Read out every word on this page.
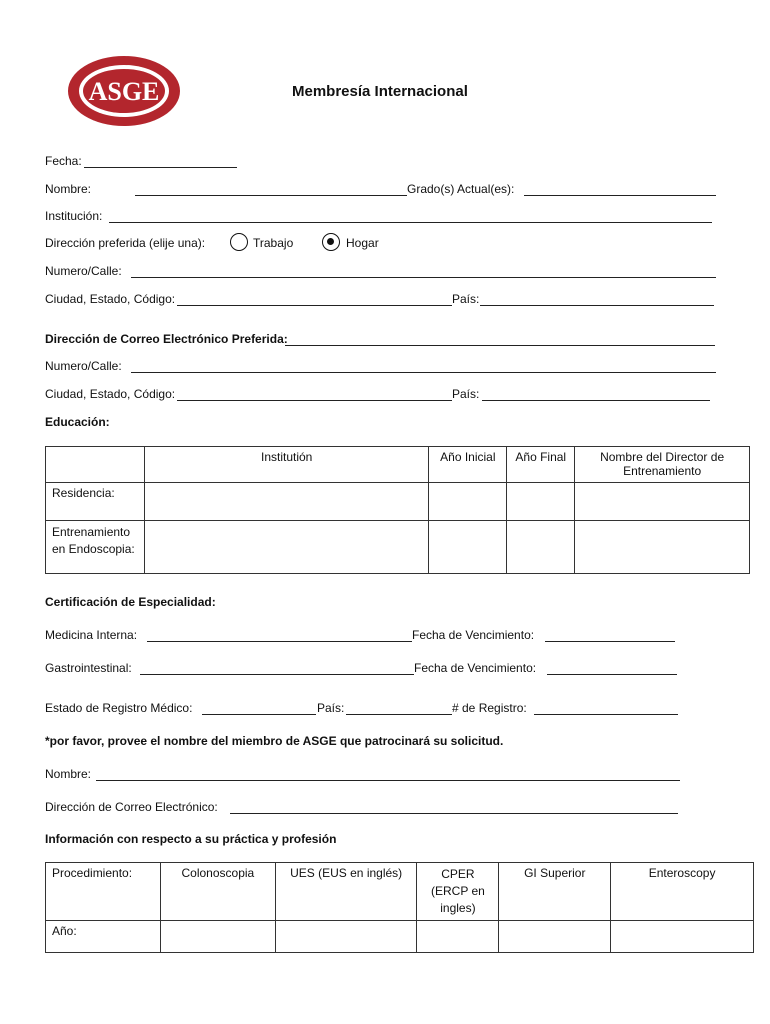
ASGE	Membresía Internacional
Fecha:
Nombre:	Grado(s) Actual(es):
Institución:
Dirección preferida (elije una):	Trabajo	Hogar
Numero/Calle:
Ciudad, Estado, Código:	País:
Dirección de Correo Electrónico Preferida:
Numero/Calle:
Ciudad, Estado, Código:	País:
Educación:
	Institutión	Año Inicial	Año Final	Nombre del Director de Entrenamiento
Residencia:				
Entrenamiento en Endoscopia:				
Certificación de Especialidad:
Medicina Interna:	Fecha de Vencimiento:
Gastrointestinal:	Fecha de Vencimiento:
Estado de Registro Médico:	País:	# de Registro:
*por favor, provee el nombre del miembro de ASGE que patrocinará su solicitud.
Nombre:
Dirección de Correo Electrónico:
Información con respecto a su práctica y profesión
Procedimiento:	Colonoscopia	UES (EUS en inglés)	CPER (ERCP en ingles)	GI Superior	Enteroscopy
Año:					
